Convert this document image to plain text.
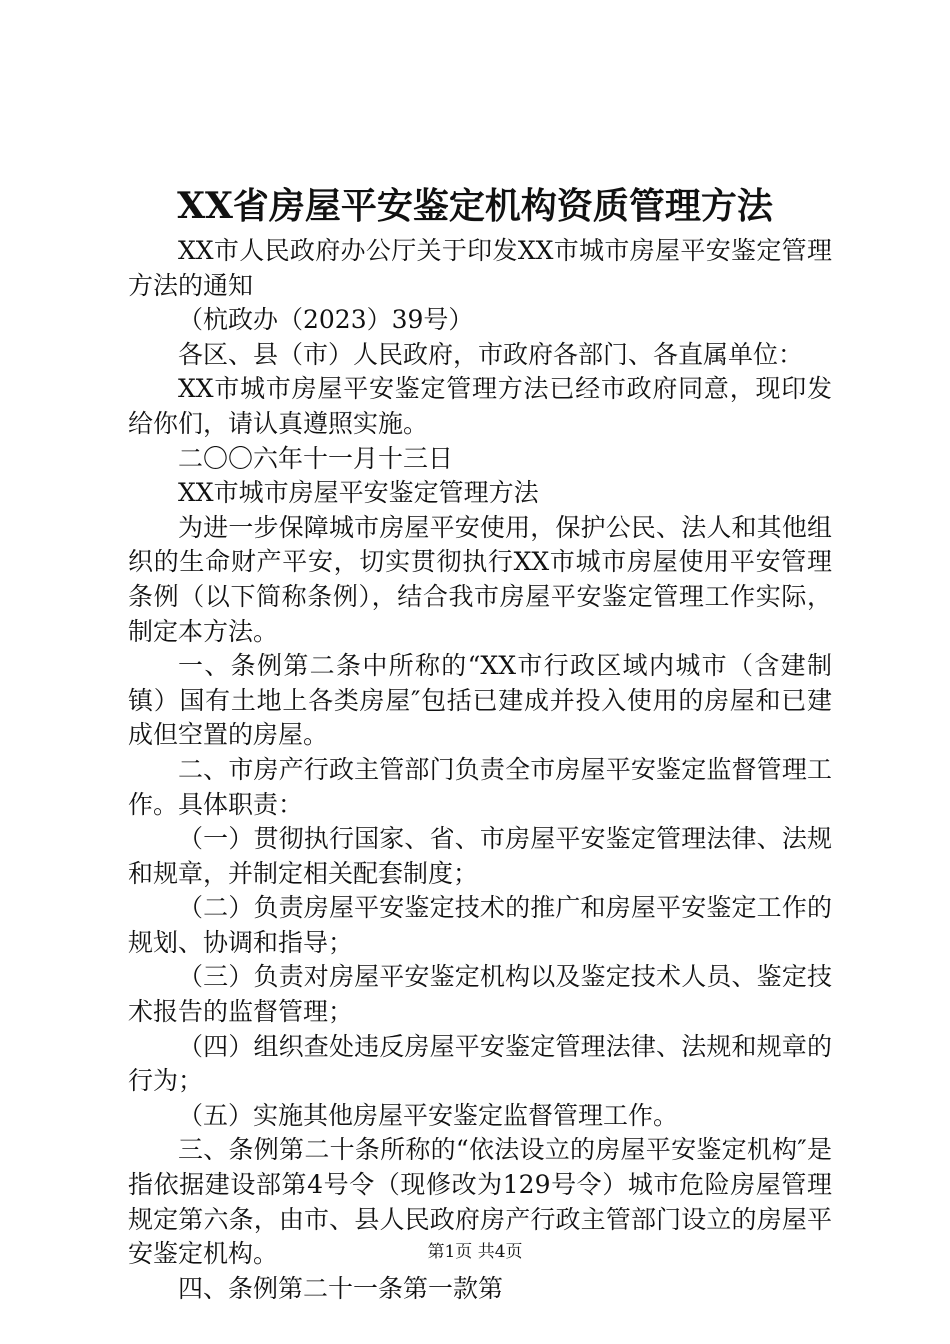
XX省房屋平安鉴定机构资质管理方法

XX市人民政府办公厅关于印发XX市城市房屋平安鉴定管理方法的通知

（杭政办（2023）39号）

各区、县（市）人民政府，市政府各部门、各直属单位：

XX市城市房屋平安鉴定管理方法已经市政府同意，现印发给你们，请认真遵照实施。

二〇〇六年十一月十三日

XX市城市房屋平安鉴定管理方法

为进一步保障城市房屋平安使用，保护公民、法人和其他组织的生命财产平安，切实贯彻执行XX市城市房屋使用平安管理条例（以下简称条例），结合我市房屋平安鉴定管理工作实际，制定本方法。

一、条例第二条中所称的“XX市行政区域内城市（含建制镇）国有土地上各类房屋″包括已建成并投入使用的房屋和已建成但空置的房屋。

二、市房产行政主管部门负责全市房屋平安鉴定监督管理工作。具体职责：

（一）贯彻执行国家、省、市房屋平安鉴定管理法律、法规和规章，并制定相关配套制度；

（二）负责房屋平安鉴定技术的推广和房屋平安鉴定工作的规划、协调和指导；

（三）负责对房屋平安鉴定机构以及鉴定技术人员、鉴定技术报告的监督管理；

（四）组织查处违反房屋平安鉴定管理法律、法规和规章的行为；

（五）实施其他房屋平安鉴定监督管理工作。

三、条例第二十条所称的“依法设立的房屋平安鉴定机构″是指依据建设部第4号令（现修改为129号令）城市危险房屋管理规定第六条，由市、县人民政府房产行政主管部门设立的房屋平安鉴定机构。

四、条例第二十一条第一款第

第1页 共4页
